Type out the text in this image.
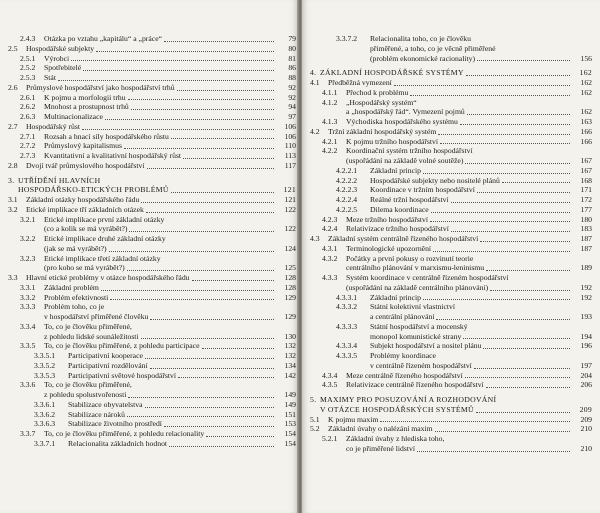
2.4.3 Otázka po vztahu „kapitálu“ a „práce“	79
2.5 Hospodářské subjekty	80
2.5.1 Výrobci	81
2.5.2 Spotřebitelé	86
2.5.3 Stát	88
2.6 Průmyslové hospodářství jako hospodářství trhů	92
2.6.1 K pojmu a morfologii trhu	92
2.6.2 Mnohost a prostupnost trhů	94
2.6.3 Multinacionalizace	97
2.7 Hospodářský růst	106
2.7.1 Rozsah a hnací síly hospodářského růstu	106
2.7.2 Průmyslový kapitalismus	110
2.7.3 Kvantitativní a kvalitativní hospodářský růst	113
2.8 Dvojí tvář průmyslového hospodářství	117
3. UTŘÍDĚNÍ HLAVNÍCH
HOSPODÁŘSKO-ETICKÝCH PROBLÉMŮ	121
3.1 Základní otázky hospodářského řádu	121
3.2 Etické implikace tří základních otázek	122
3.2.1 Etické implikace první základní otázky
(co a kolik se má vyrábět?)	122
3.2.2 Etické implikace druhé základní otázky
(jak se má vyrábět?)	124
3.2.3 Etické implikace třetí základní otázky
(pro koho se má vyrábět?)	125
3.3 Hlavní etické problémy v otázce hospodářského řádu	128
3.3.1 Základní problém	128
3.3.2 Problém efektivnosti	129
3.3.3 Problém toho, co je
v hospodářství přiměřené člověku	129
3.3.4 To, co je člověku přiměřené,
z pohledu lidské sounáležitosti	130
3.3.5 To, co je člověku přiměřené, z pohledu participace	132
3.3.5.1 Participativní kooperace	132
3.3.5.2 Participativní rozdělování	134
3.3.5.3 Participativní světové hospodářství	142
3.3.6 To, co je člověku přiměřené,
z pohledu spolustvořenosti	149
3.3.6.1 Stabilizace obyvatelstva	149
3.3.6.2 Stabilizace nároků	151
3.3.6.3 Stabilizace životního prostředí	153
3.3.7 To, co je člověku přiměřené, z pohledu relacionality	154
3.3.7.1 Relacionalita základních hodnot	154
3.3.7.2 Relacionalita toho, co je člověku
přiměřené, a toho, co je věcně přiměřené
(problém ekonomické racionality)	156
4. ZÁKLADNÍ HOSPODÁŘSKÉ SYSTÉMY	162
4.1 Předběžná vymezení	162
4.1.1 Přechod k problému	162
4.1.2 „Hospodářský systém“
a „hospodářský řád“. Vymezení pojmů	162
4.1.3 Východiska hospodářského systému	163
4.2 Tržní základní hospodářský systém	166
4.2.1 K pojmu tržního hospodářství	166
4.2.2 Koordinační systém tržního hospodářství
(uspořádání na základě volné soutěže)	167
4.2.2.1 Základní princip	167
4.2.2.2 Hospodářské subjekty nebo nositelé plánů	168
4.2.2.3 Koordinace v tržním hospodářství	171
4.2.2.4 Reálné tržní hospodářství	172
4.2.2.5 Dilema koordinace	177
4.2.3 Meze tržního hospodářství	180
4.2.4 Relativizace tržního hospodářství	183
4.3 Základní systém centrálně řízeného hospodářství	187
4.3.1 Terminologické upozornění	187
4.3.2 Počátky a první pokusy o rozvinutí teorie
centrálního plánování v marxismu-leninismu	189
4.3.3 Systém koordinace v centrálně řízeném hospodářství
(uspořádání na základě centrálního plánování)	192
4.3.3.1 Základní princip	192
4.3.3.2 Státní kolektivní vlastnictví
a centrální plánování	193
4.3.3.3 Státní hospodářství a mocenský
monopol komunistické strany	194
4.3.3.4 Subjekt hospodářství a nositel plánu	196
4.3.3.5 Problémy koordinace
v centrálně řízeném hospodářství	197
4.3.4 Meze centrálně řízeného hospodářství	204
4.3.5 Relativizace centrálně řízeného hospodářství	206
5. MAXIMY PRO POSUZOVÁNÍ A ROZHODOVÁNÍ
V OTÁZCE HOSPODÁŘSKÝCH SYSTÉMŮ	209
5.1 K pojmu maxim	209
5.2 Základní úvahy o nalézání maxim	210
5.2.1 Základní úvahy z hlediska toho,
co je přiměřené lidství	210
